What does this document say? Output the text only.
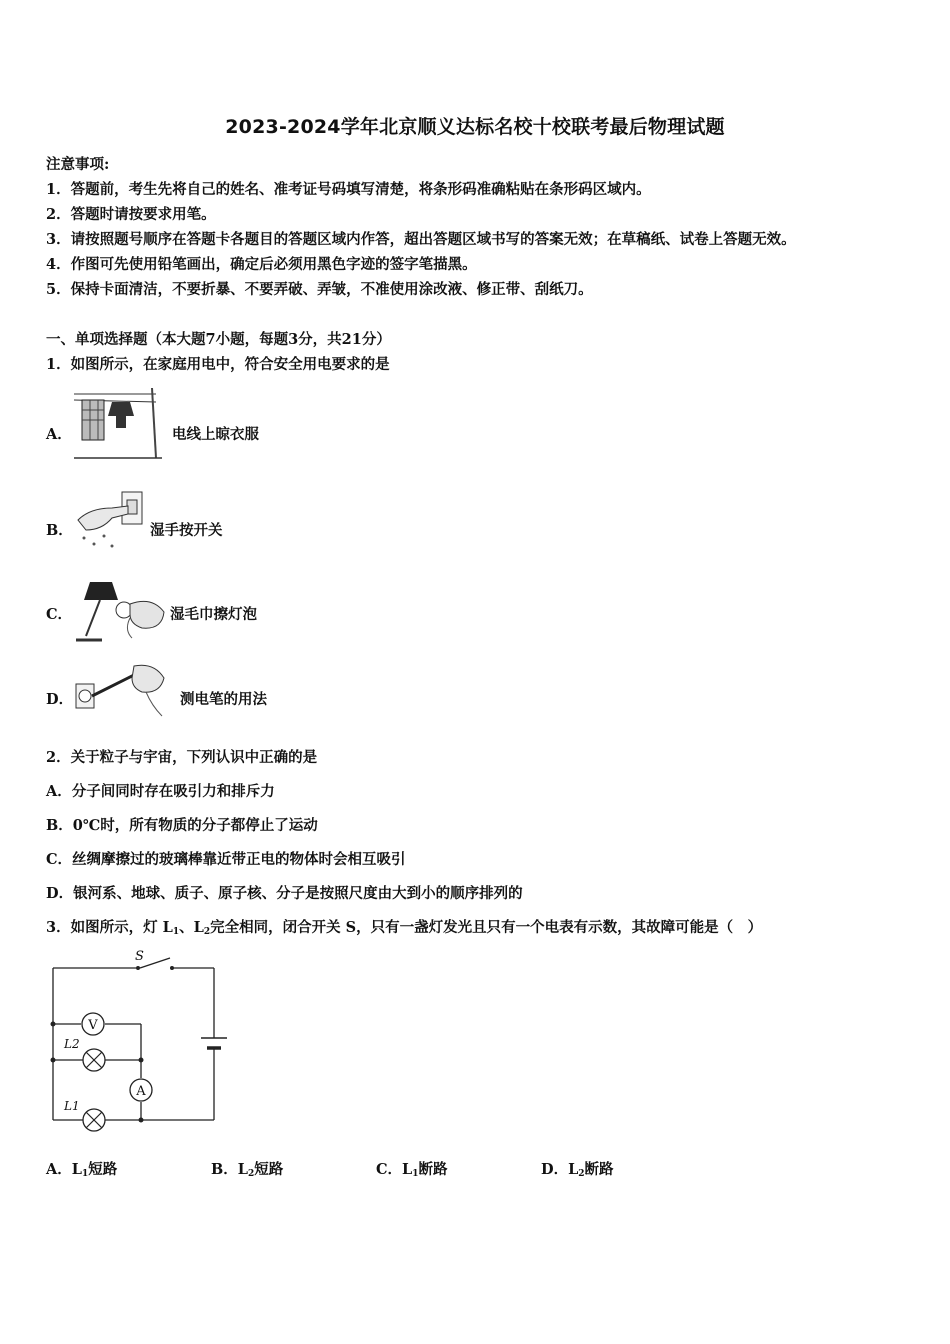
2023-2024学年北京顺义达标名校十校联考最后物理试题
注意事项:
1．答题前，考生先将自己的姓名、准考证号码填写清楚，将条形码准确粘贴在条形码区域内。
2．答题时请按要求用笔。
3．请按照题号顺序在答题卡各题目的答题区域内作答，超出答题区域书写的答案无效；在草稿纸、试卷上答题无效。
4．作图可先使用铅笔画出，确定后必须用黑色字迹的签字笔描黑。
5．保持卡面清洁，不要折暴、不要弄破、弄皱，不准使用涂改液、修正带、刮纸刀。
一、单项选择题（本大题7小题，每题3分，共21分）
1．如图所示，在家庭用电中，符合安全用电要求的是
A．	电线上晾衣服
B．	湿手按开关
C．	湿毛巾擦灯泡
D．	测电笔的用法
2．关于粒子与宇宙，下列认识中正确的是
A．分子间同时存在吸引力和排斥力
B．0℃时，所有物质的分子都停止了运动
C．丝绸摩擦过的玻璃棒靠近带正电的物体时会相互吸引
D．银河系、地球、质子、原子核、分子是按照尺度由大到小的顺序排列的
3．如图所示，灯 $L_1$、$L_2$完全相同，闭合开关 S，只有一盏灯发光且只有一个电表有示数，其故障可能是（　）
V
A
S
L2
L1
A．$L_1$短路	B．$L_2$短路	C．$L_1$断路	D．$L_2$断路
